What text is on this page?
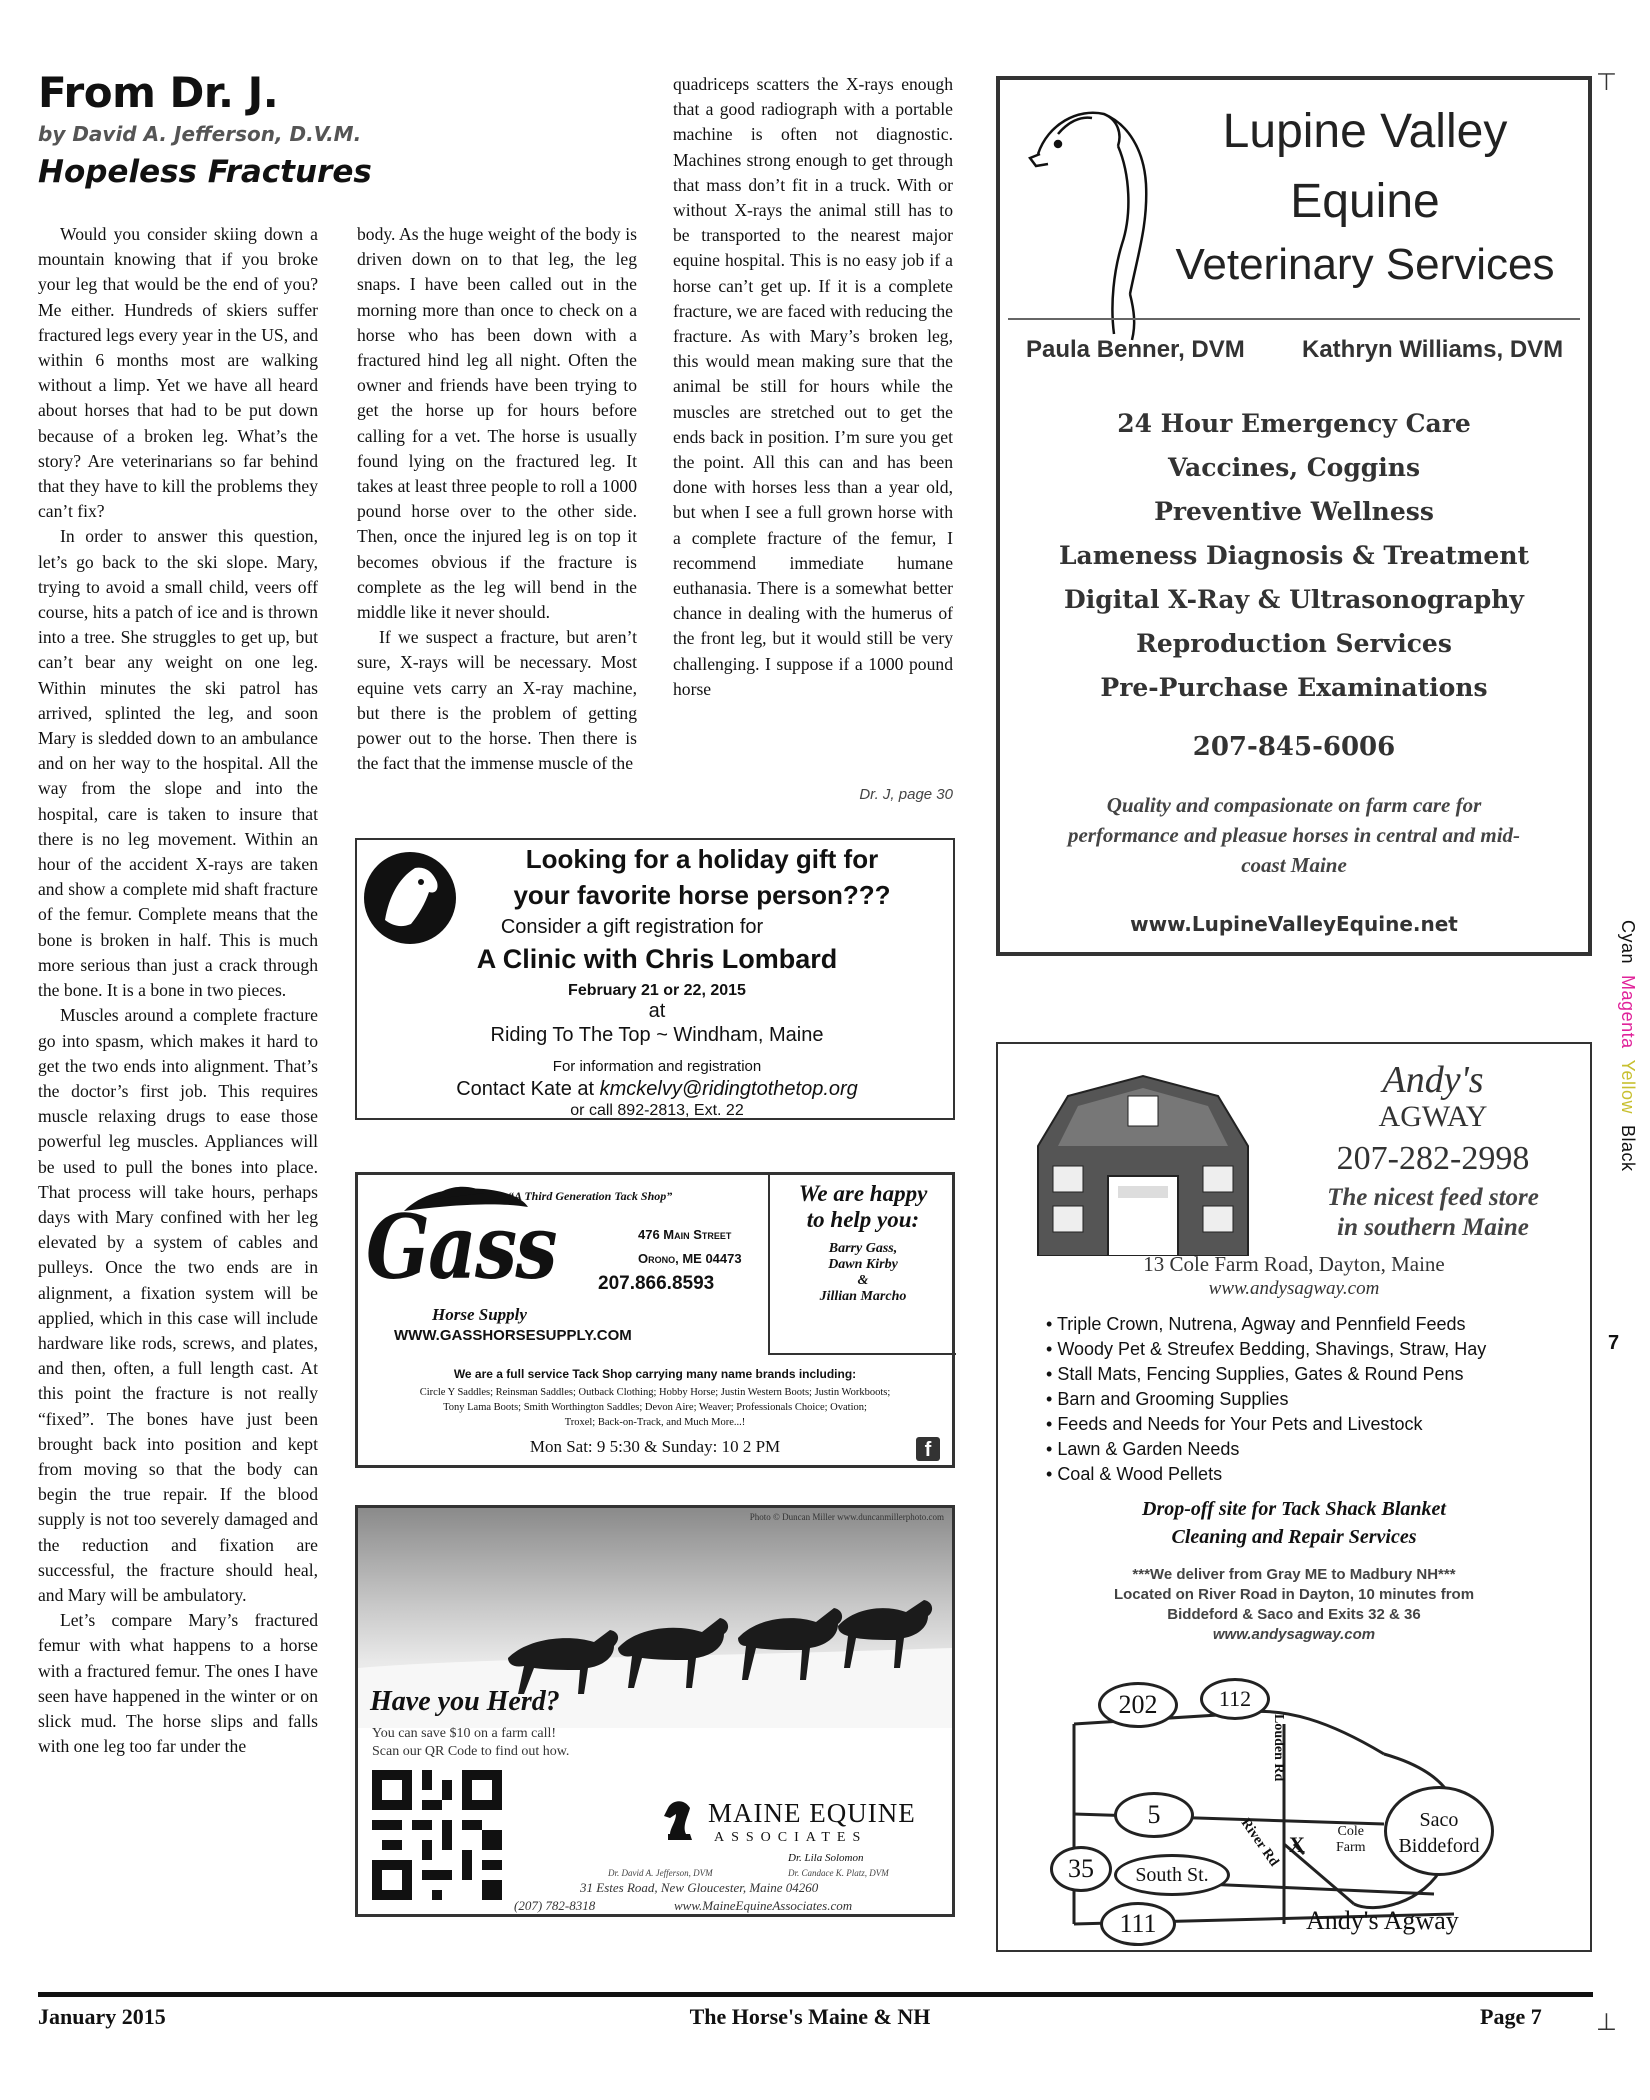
From Dr. J.
by David A. Jefferson, D.V.M.
Hopeless Fractures

Would you consider skiing down a mountain knowing that if you broke your leg that would be the end of you? Me either. Hundreds of skiers suffer fractured legs every year in the US, and within 6 months most are walking without a limp. Yet we have all heard about horses that had to be put down because of a broken leg. What’s the story? Are veterinarians so far behind that they have to kill the problems they can’t fix?

In order to answer this question, let’s go back to the ski slope. Mary, trying to avoid a small child, veers off course, hits a patch of ice and is thrown into a tree. She struggles to get up, but can’t bear any weight on one leg. Within minutes the ski patrol has arrived, splinted the leg, and soon Mary is sledded down to an ambulance and on her way to the hospital. All the way from the slope and into the hospital, care is taken to insure that there is no leg movement. Within an hour of the accident X-rays are taken and show a complete mid shaft fracture of the femur. Complete means that the bone is broken in half. This is much more serious than just a crack through the bone. It is a bone in two pieces.

Muscles around a complete fracture go into spasm, which makes it hard to get the two ends into alignment. That’s the doctor’s first job. This requires muscle relaxing drugs to ease those powerful leg muscles. Appliances will be used to pull the bones into place. That process will take hours, perhaps days with Mary confined with her leg elevated by a system of cables and pulleys. Once the two ends are in alignment, a fixation system will be applied, which in this case will include hardware like rods, screws, and plates, and then, often, a full length cast. At this point the fracture is not really “fixed”. The bones have just been brought back into position and kept from moving so that the body can begin the true repair. If the blood supply is not too severely damaged and the reduction and fixation are successful, the fracture should heal, and Mary will be ambulatory.

Let’s compare Mary’s fractured femur with what happens to a horse with a fractured femur. The ones I have seen have happened in the winter or on slick mud. The horse slips and falls with one leg too far under the

body. As the huge weight of the body is driven down on to that leg, the leg snaps. I have been called out in the morning more than once to check on a horse who has been down with a fractured hind leg all night. Often the owner and friends have been trying to get the horse up for hours before calling for a vet. The horse is usually found lying on the fractured leg. It takes at least three people to roll a 1000 pound horse over to the other side. Then, once the injured leg is on top it becomes obvious if the fracture is complete as the leg will bend in the middle like it never should.

If we suspect a fracture, but aren’t sure, X-rays will be necessary. Most equine vets carry an X-ray machine, but there is the problem of getting power out to the horse. Then there is the fact that the immense muscle of the

quadriceps scatters the X-rays enough that a good radiograph with a portable machine is often not diagnostic. Machines strong enough to get through that mass don’t fit in a truck. With or without X-rays the animal still has to be transported to the nearest major equine hospital. This is no easy job if a horse can’t get up. If it is a complete fracture, we are faced with reducing the fracture. As with Mary’s broken leg, this would mean making sure that the animal be still for hours while the muscles are stretched out to get the ends back in position. I’m sure you get the point. All this can and has been done with horses less than a year old, but when I see a full grown horse with a complete fracture of the femur, I recommend immediate humane euthanasia. There is a somewhat better chance in dealing with the humerus of the front leg, but it would still be very challenging. I suppose if a 1000 pound horse

Dr. J, page 30
Looking for a holiday gift for
your favorite horse person???
Consider a gift registration for
A Clinic with Chris Lombard
February 21 or 22, 2015
at
Riding To The Top ~ Windham, Maine
For information and registration
Contact Kate at kmckelvy@ridingtothetop.org
or call 892-2813, Ext. 22
“A Third Generation Tack Shop”
Gass
Horse Supply
476 Main Street
Orono, ME 04473
207.866.8593
WWW.GASSHORSESUPPLY.COM
We are happy
to help you:
Barry Gass,
Dawn Kirby
&
Jillian Marcho
We are a full service Tack Shop carrying many name brands including:
Circle Y Saddles; Reinsman Saddles; Outback Clothing; Hobby Horse; Justin Western Boots; Justin Workboots;
Tony Lama Boots; Smith Worthington Saddles; Devon Aire; Weaver; Professionals Choice; Ovation;
Troxel; Back-on-Track, and Much More...!
Mon Sat: 9 5:30 & Sunday: 10 2 PM	f
Photo © Duncan Miller www.duncanmillerphoto.com
Have you Herd?
You can save $10 on a farm call!
Scan our QR Code to find out how.
MAINE EQUINE
ASSOCIATES
Dr. Lila Solomon
Dr. David A. Jefferson, DVM	Dr. Candace K. Platz, DVM
31 Estes Road, New Gloucester, Maine 04260
(207) 782-8318	www.MaineEquineAssociates.com
Lupine Valley
Equine
Veterinary Services
Paula Benner, DVM Kathryn Williams, DVM
24 Hour Emergency Care
Vaccines, Coggins
Preventive Wellness
Lameness Diagnosis & Treatment
Digital X-Ray & Ultrasonography
Reproduction Services
Pre-Purchase Examinations
207-845-6006
Quality and compasionate on farm care for
performance and pleasue horses in central and mid-
coast Maine
www.LupineValleyEquine.net
Andy's
AGWAY
207-282-2998
The nicest feed store
in southern Maine
13 Cole Farm Road, Dayton, Maine
www.andysagway.com
• Triple Crown, Nutrena, Agway and Pennfield Feeds
• Woody Pet & Streufex Bedding, Shavings, Straw, Hay
• Stall Mats, Fencing Supplies, Gates & Round Pens
• Barn and Grooming Supplies
• Feeds and Needs for Your Pets and Livestock
• Lawn & Garden Needs
• Coal & Wood Pellets
Drop-off site for Tack Shack Blanket
Cleaning and Repair Services
***We deliver from Gray ME to Madbury NH***
Located on River Road in Dayton, 10 minutes from
Biddeford & Saco and Exits 32 & 36
www.andysagway.com
202	112
5
35	South St.
111
Louden Rd
River Rd X
Cole
Farm
Saco
Biddeford
Andy's Agway
⊤
Cyan  Magenta  Yellow  Black
7
⊥
January 2015	The Horse's Maine & NH	Page 7
